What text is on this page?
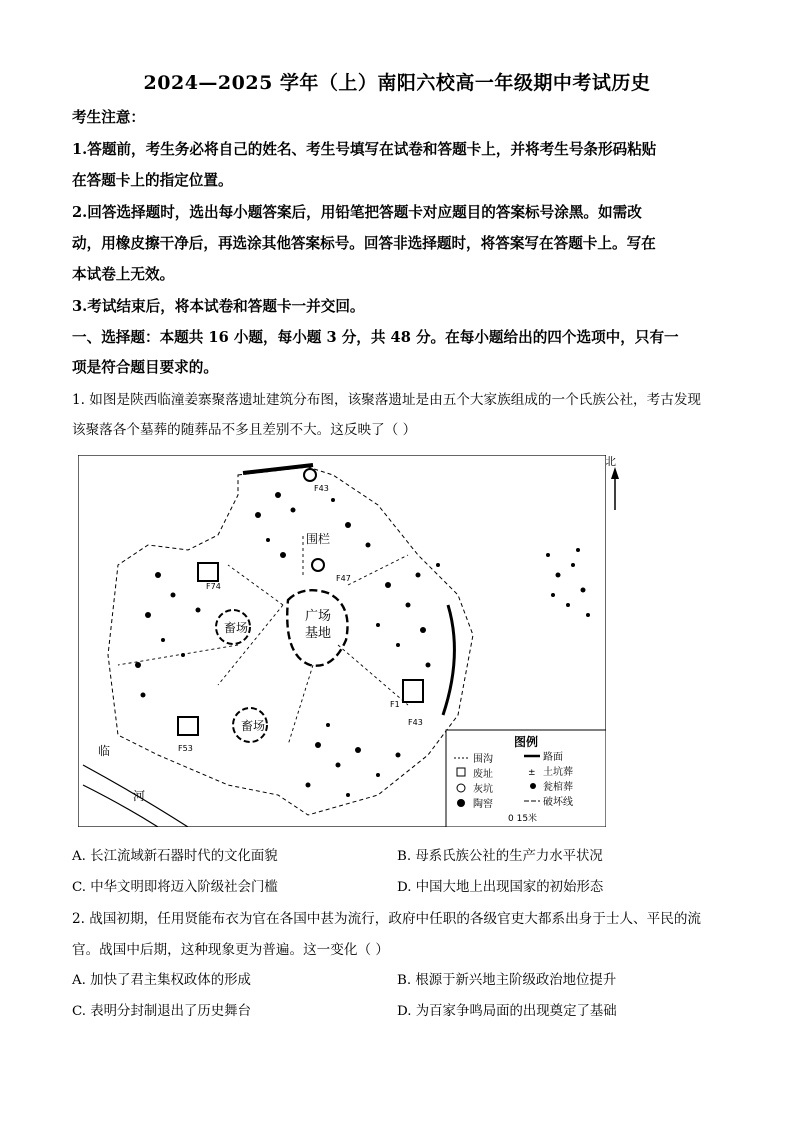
2024—2025 学年（上）南阳六校高一年级期中考试历史
考生注意：
1.答题前，考生务必将自己的姓名、考生号填写在试卷和答题卡上，并将考生号条形码粘贴
在答题卡上的指定位置。
2.回答选择题时，选出每小题答案后，用铅笔把答题卡对应题目的答案标号涂黑。如需改
动，用橡皮擦干净后，再选涂其他答案标号。回答非选择题时，将答案写在答题卡上。写在
本试卷上无效。
3.考试结束后，将本试卷和答题卡一并交回。
一、选择题：本题共 16 小题，每小题 3 分，共 48 分。在每小题给出的四个选项中，只有一
项是符合题目要求的。
1. 如图是陕西临潼姜寨聚落遗址建筑分布图，该聚落遗址是由五个大家族组成的一个氏族公社，考古发现
该聚落各个墓葬的随葬品不多且差别不大。这反映了（ ）
广场
基地
畜场
畜场
围栏
F43
F47
F74
F53
F1
F43
临
河
图例
围沟	路面
废址	土坑葬
灰坑	瓮棺葬
陶窖	破坏线
±
0 15米
北
A. 长江流域新石器时代的文化面貌	B. 母系氏族公社的生产力水平状况
C. 中华文明即将迈入阶级社会门槛	D. 中国大地上出现国家的初始形态
2. 战国初期，任用贤能布衣为官在各国中甚为流行，政府中任职的各级官吏大都系出身于士人、平民的流
官。战国中后期，这种现象更为普遍。这一变化（ ）
A. 加快了君主集权政体的形成	B. 根源于新兴地主阶级政治地位提升
C. 表明分封制退出了历史舞台	D. 为百家争鸣局面的出现奠定了基础
